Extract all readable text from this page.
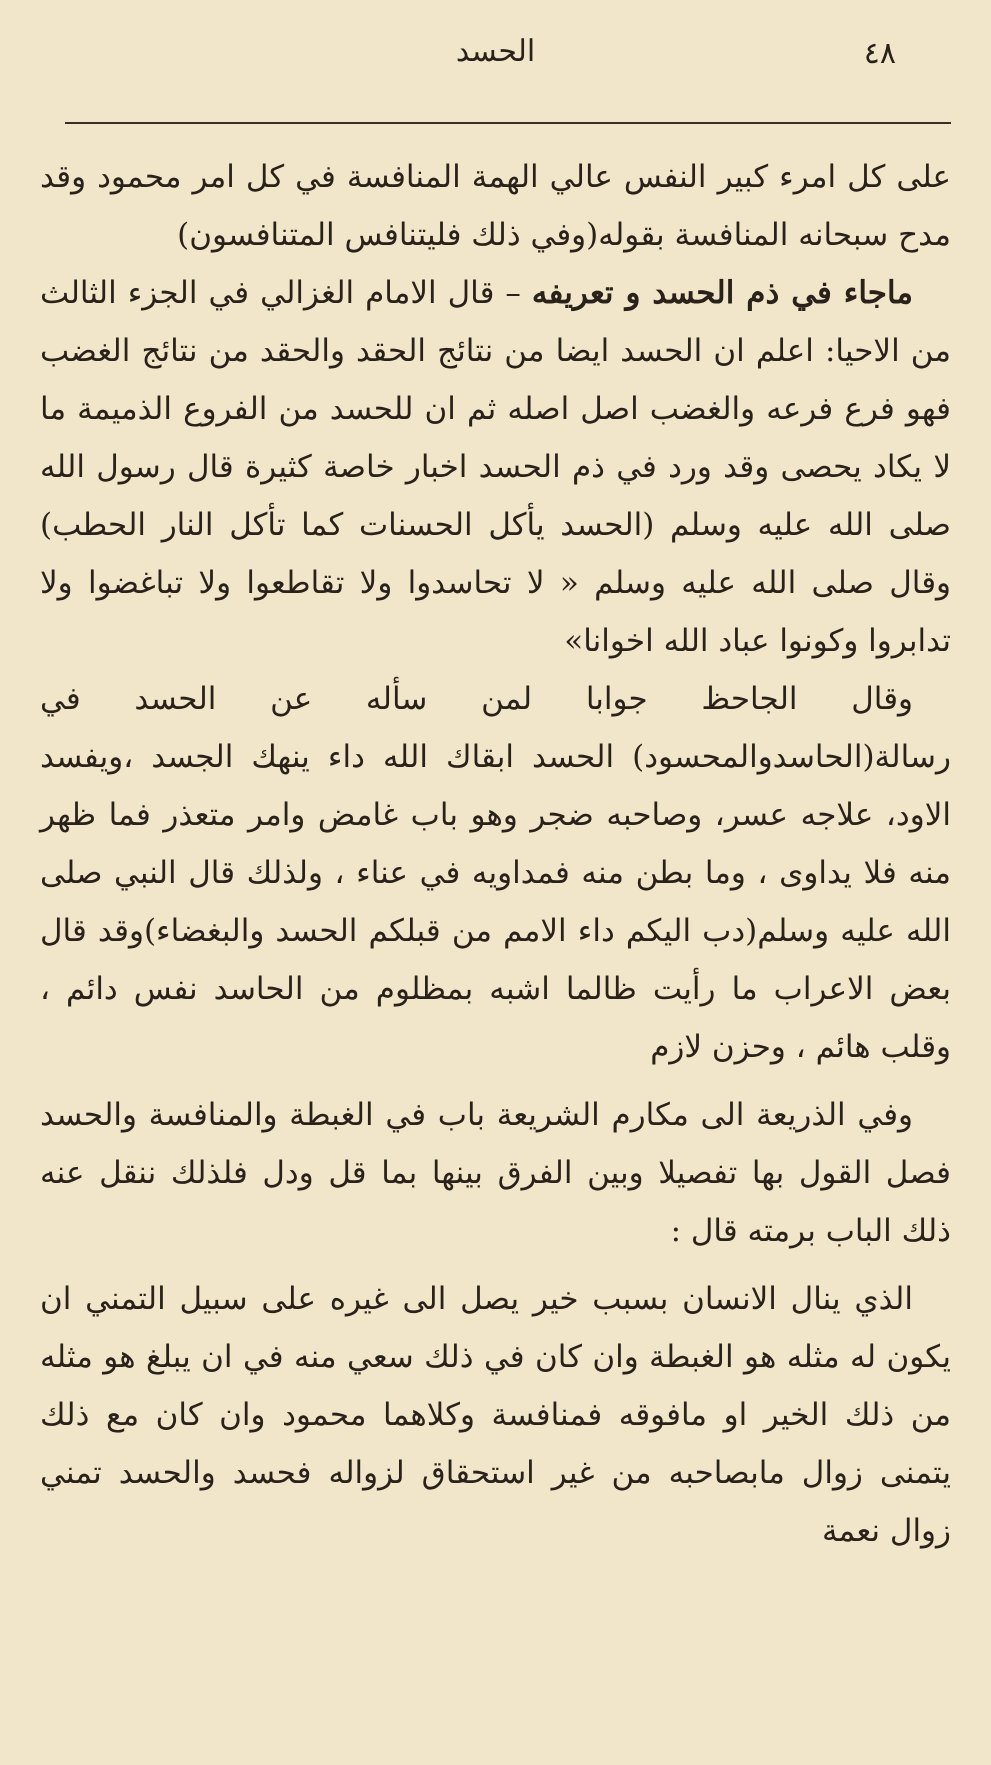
٤٨
الحسد

على كل امرء كبير النفس عالي الهمة المنافسة في كل امر محمود وقد مدح سبحانه المنافسة بقوله(وفي ذلك فليتنافس المتنافسون)

ماجاء في ذم الحسد و تعريفه – قال الامام الغزالي في الجزء الثالث من الاحيا: اعلم ان الحسد ايضا من نتائج الحقد والحقد من نتائج الغضب فهو فرع فرعه والغضب اصل اصله ثم ان للحسد من الفروع الذميمة ما لا يكاد يحصى وقد ورد في ذم الحسد اخبار خاصة كثيرة قال رسول الله صلى الله عليه وسلم (الحسد يأكل الحسنات كما تأكل النار الحطب) وقال صلى الله عليه وسلم « لا تحاسدوا ولا تقاطعوا ولا تباغضوا ولا تدابروا وكونوا عباد الله اخوانا»

وقال الجاحظ جوابا لمن سأله عن الحسد في رسالة(الحاسدوالمحسود) الحسد ابقاك الله داء ينهك الجسد ،ويفسد الاود، علاجه عسر، وصاحبه ضجر وهو باب غامض وامر متعذر فما ظهر منه فلا يداوى ، وما بطن منه فمداويه في عناء ، ولذلك قال النبي صلى الله عليه وسلم(دب اليكم داء الامم من قبلكم الحسد والبغضاء)وقد قال بعض الاعراب ما رأيت ظالما اشبه بمظلوم من الحاسد نفس دائم ، وقلب هائم ، وحزن لازم

وفي الذريعة الى مكارم الشريعة باب في الغبطة والمنافسة والحسد فصل القول بها تفصيلا وبين الفرق بينها بما قل ودل فلذلك ننقل عنه ذلك الباب برمته قال :

الذي ينال الانسان بسبب خير يصل الى غيره على سبيل التمني ان يكون له مثله هو الغبطة وان كان في ذلك سعي منه في ان يبلغ هو مثله من ذلك الخير او مافوقه فمنافسة وكلاهما محمود وان كان مع ذلك يتمنى زوال مابصاحبه من غير استحقاق لزواله فحسد والحسد تمني زوال نعمة
